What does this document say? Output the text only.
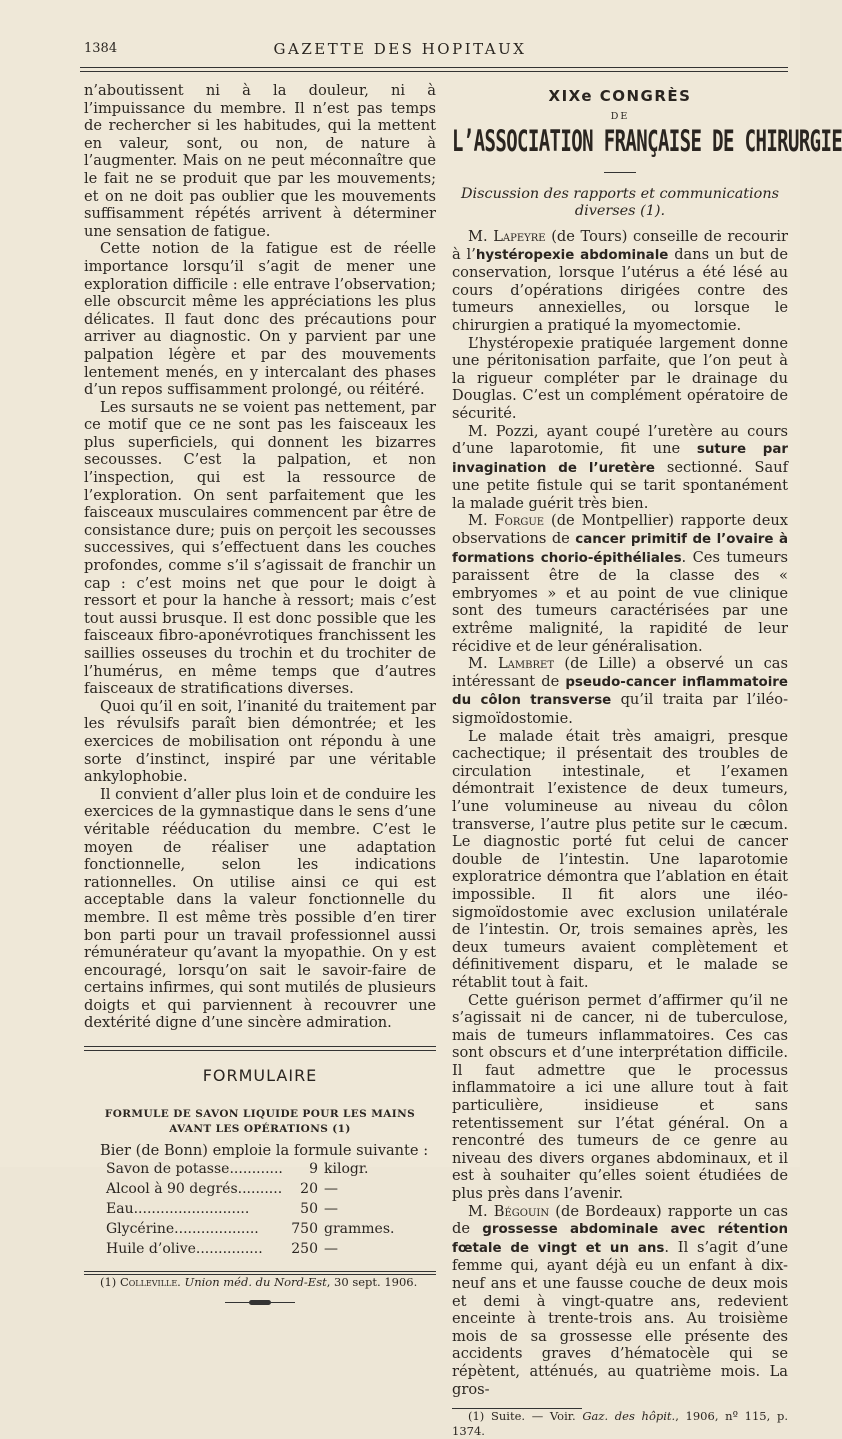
1384	GAZETTE DES HOPITAUX

n’aboutissent ni à la douleur, ni à l’impuissance du membre. Il n’est pas temps de rechercher si les habitudes, qui la mettent en valeur, sont, ou non, de nature à l’augmenter. Mais on ne peut méconnaître que le fait ne se produit que par les mouvements; et on ne doit pas oublier que les mouvements suffisamment répétés arrivent à déterminer une sensation de fatigue.

Cette notion de la fatigue est de réelle importance lorsqu’il s’agit de mener une exploration difficile : elle entrave l’observation; elle obscurcit même les appréciations les plus délicates. Il faut donc des précautions pour arriver au diagnostic. On y parvient par une palpation légère et par des mouvements lentement menés, en y intercalant des phases d’un repos suffisamment prolongé, ou réitéré.

Les sursauts ne se voient pas nettement, par ce motif que ce ne sont pas les faisceaux les plus superficiels, qui donnent les bizarres secousses. C’est la palpation, et non l’inspection, qui est la ressource de l’exploration. On sent parfaitement que les faisceaux musculaires commencent par être de consistance dure; puis on perçoit les secousses successives, qui s’effectuent dans les couches profondes, comme s’il s’agissait de franchir un cap : c’est moins net que pour le doigt à ressort et pour la hanche à ressort; mais c’est tout aussi brusque. Il est donc possible que les faisceaux fibro-aponévrotiques franchissent les saillies osseuses du trochin et du trochiter de l’humérus, en même temps que d’autres faisceaux de stratifications diverses.

Quoi qu’il en soit, l’inanité du traitement par les révulsifs paraît bien démontrée; et les exercices de mobilisation ont répondu à une sorte d’instinct, inspiré par une véritable ankylophobie.

Il convient d’aller plus loin et de conduire les exercices de la gymnastique dans le sens d’une véritable rééducation du membre. C’est le moyen de réaliser une adaptation fonctionnelle, selon les indications rationnelles. On utilise ainsi ce qui est acceptable dans la valeur fonctionnelle du membre. Il est même très possible d’en tirer bon parti pour un travail professionnel aussi rémunérateur qu’avant la myopathie. On y est encouragé, lorsqu’on sait le savoir-faire de certains infirmes, qui sont mutilés de plusieurs doigts et qui parviennent à recouvrer une dextérité digne d’une sincère admiration.

FORMULAIRE
FORMULE DE SAVON LIQUIDE POUR LES MAINS
AVANT LES OPÉRATIONS (1)

Bier (de Bonn) emploie la formule suivante :

Savon de potasse............	9	kilogr.
Alcool à 90 degrés..........	20	—
Eau..........................	50	—
Glycérine...................	750	grammes.
Huile d’olive...............	250	—

(1) Colleville. Union méd. du Nord-Est, 30 sept. 1906.

XIXe CONGRÈS
DE
L’ASSOCIATION FRANÇAISE DE CHIRURGIE
Discussion des rapports et communications diverses (1).

M. Lapeyre (de Tours) conseille de recourir à l’hystéropexie abdominale dans un but de conservation, lorsque l’utérus a été lésé au cours d’opérations dirigées contre des tumeurs annexielles, ou lorsque le chirurgien a pratiqué la myomectomie.

L’hystéropexie pratiquée largement donne une péritonisation parfaite, que l’on peut à la rigueur compléter par le drainage du Douglas. C’est un complément opératoire de sécurité.

M. Pozzi, ayant coupé l’uretère au cours d’une laparotomie, fit une suture par invagination de l’uretère sectionné. Sauf une petite fistule qui se tarit spontanément la malade guérit très bien.

M. Forgue (de Montpellier) rapporte deux observations de cancer primitif de l’ovaire à formations chorio-épithéliales. Ces tumeurs paraissent être de la classe des « embryomes » et au point de vue clinique sont des tumeurs caractérisées par une extrême malignité, la rapidité de leur récidive et de leur généralisation.

M. Lambret (de Lille) a observé un cas intéressant de pseudo-cancer inflammatoire du côlon transverse qu’il traita par l’iléo-sigmoïdostomie.

Le malade était très amaigri, presque cachectique; il présentait des troubles de circulation intestinale, et l’examen démontrait l’existence de deux tumeurs, l’une volumineuse au niveau du côlon transverse, l’autre plus petite sur le cæcum. Le diagnostic porté fut celui de cancer double de l’intestin. Une laparotomie exploratrice démontra que l’ablation en était impossible. Il fit alors une iléo-sigmoïdostomie avec exclusion unilatérale de l’intestin. Or, trois semaines après, les deux tumeurs avaient complètement et définitivement disparu, et le malade se rétablit tout à fait.

Cette guérison permet d’affirmer qu’il ne s’agissait ni de cancer, ni de tuberculose, mais de tumeurs inflammatoires. Ces cas sont obscurs et d’une interprétation difficile. Il faut admettre que le processus inflammatoire a ici une allure tout à fait particulière, insidieuse et sans retentissement sur l’état général. On a rencontré des tumeurs de ce genre au niveau des divers organes abdominaux, et il est à souhaiter qu’elles soient étudiées de plus près dans l’avenir.

M. Bégouin (de Bordeaux) rapporte un cas de grossesse abdominale avec rétention fœtale de vingt et un ans. Il s’agit d’une femme qui, ayant déjà eu un enfant à dix-neuf ans et une fausse couche de deux mois et demi à vingt-quatre ans, redevient enceinte à trente-trois ans. Au troisième mois de sa grossesse elle présente des accidents graves d’hématocèle qui se répètent, atténués, au quatrième mois. La gros-

(1) Suite. — Voir. Gaz. des hôpit., 1906, nº 115, p. 1374.
